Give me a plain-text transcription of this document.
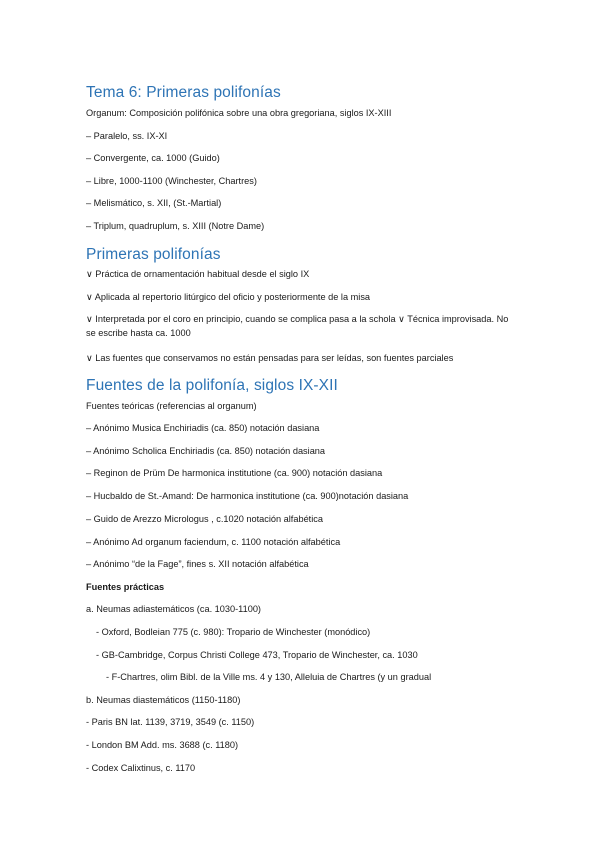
Tema 6: Primeras polifonías
Organum: Composición polifónica sobre una obra gregoriana, siglos IX-XIII
– Paralelo, ss. IX-XI
– Convergente, ca. 1000 (Guido)
– Libre, 1000-1100 (Winchester, Chartres)
– Melismático, s. XII, (St.-Martial)
– Triplum, quadruplum, s. XIII (Notre Dame)
Primeras polifonías
∨ Práctica de ornamentación habitual desde el siglo IX
∨ Aplicada al repertorio litúrgico del oficio y posteriormente de la misa
∨ Interpretada por el coro en principio, cuando se complica pasa a la schola ∨ Técnica improvisada. No se escribe hasta ca. 1000
∨ Las fuentes que conservamos no están pensadas para ser leídas, son fuentes parciales
Fuentes de la polifonía, siglos IX-XII
Fuentes teóricas (referencias al organum)
– Anónimo Musica Enchiriadis (ca. 850) notación dasiana
– Anónimo Scholica Enchiriadis (ca. 850) notación dasiana
– Reginon de Prüm De harmonica institutione (ca. 900) notación dasiana
– Hucbaldo de St.-Amand: De harmonica institutione (ca. 900)notación dasiana
– Guido de Arezzo Micrologus , c.1020 notación alfabética
– Anónimo Ad organum faciendum, c. 1100 notación alfabética
– Anónimo “de la Fage”, fines s. XII notación alfabética
Fuentes prácticas
a. Neumas adiastemáticos (ca. 1030-1100)
- Oxford, Bodleian 775 (c. 980): Tropario de Winchester (monódico)
- GB-Cambridge, Corpus Christi College 473, Tropario de Winchester, ca. 1030
- F-Chartres, olim Bibl. de la Ville ms. 4 y 130, Alleluia de Chartres (y un gradual
b. Neumas diastemáticos (1150-1180)
- Paris BN lat. 1139, 3719, 3549 (c. 1150)
- London BM Add. ms. 3688 (c. 1180)
- Codex Calixtinus, c. 1170
